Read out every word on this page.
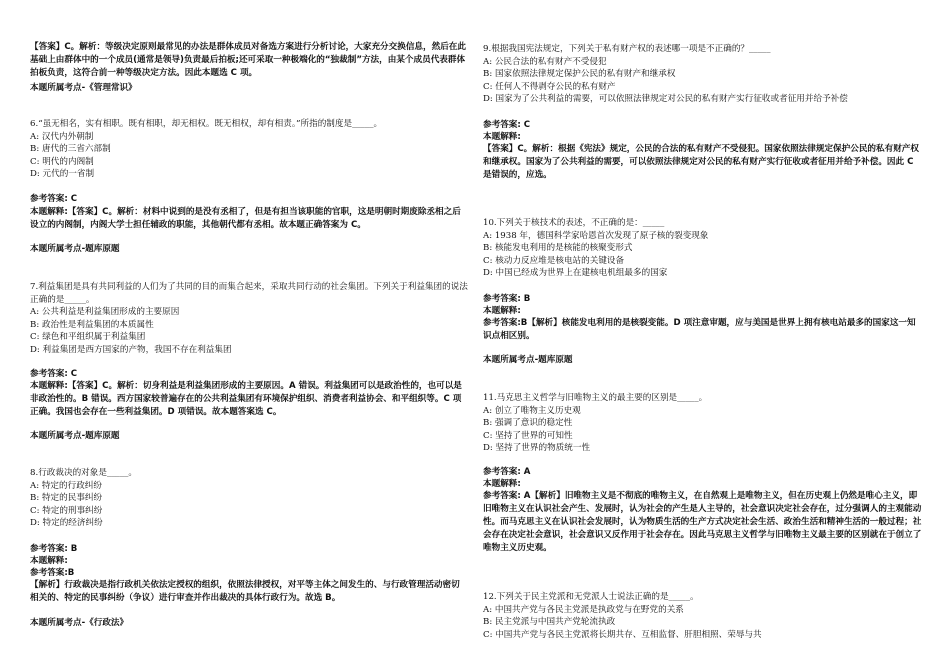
【答案】C。解析：等级决定原则最常见的办法是群体成员对备选方案进行分析讨论，大家充分交换信息，然后在此基础上由群体中的一个成员(通常是领导)负责最后拍板;还可采取一种极端化的“独裁制”方法，由某个成员代表群体拍板负责，这符合前一种等级决定方法。因此本题选 C 项。
本题所属考点-《管理常识》
6.“虽无相名，实有相职。既有相职，却无相权。既无相权，却有相责。”所指的制度是_____。
A: 汉代内外朝制
B: 唐代的三省六部制
C: 明代的内阁制
D: 元代的一省制
参考答案: C
本题解释:【答案】C。解析：材料中说到的是没有丞相了，但是有担当该职能的官职，这是明朝时期废除丞相之后设立的内阁制，内阁大学士担任辅政的职能，其他朝代都有丞相。故本题正确答案为 C。
本题所属考点-题库原题
7.利益集团是具有共同利益的人们为了共同的目的而集合起来，采取共同行动的社会集团。下列关于利益集团的说法正确的是_____。
A: 公共利益是利益集团形成的主要原因
B: 政治性是利益集团的本质属性
C: 绿色和平组织属于利益集团
D: 利益集团是西方国家的产物，我国不存在利益集团
参考答案: C
本题解释:【答案】C。解析：切身利益是利益集团形成的主要原因。A 错误。利益集团可以是政治性的，也可以是非政治性的。B 错误。西方国家较普遍存在的公共利益集团有环境保护组织、消费者利益协会、和平组织等。C 项正确。我国也会存在一些利益集团。D 项错误。故本题答案选 C。
本题所属考点-题库原题
8.行政裁决的对象是_____。
A: 特定的行政纠纷
B: 特定的民事纠纷
C: 特定的刑事纠纷
D: 特定的经济纠纷
参考答案: B
本题解释:
参考答案:B
【解析】行政裁决是指行政机关依法定授权的组织，依照法律授权，对平等主体之间发生的、与行政管理活动密切相关的、特定的民事纠纷（争议）进行审查并作出裁决的具体行政行为。故选 B。
本题所属考点-《行政法》
9.根据我国宪法规定，下列关于私有财产权的表述哪一项是不正确的？_____
A: 公民合法的私有财产不受侵犯
B: 国家依照法律规定保护公民的私有财产和继承权
C: 任何人不得剥夺公民的私有财产
D: 国家为了公共利益的需要，可以依照法律规定对公民的私有财产实行征收或者征用并给予补偿
参考答案: C
本题解释:
【答案】C。解析：根据《宪法》规定，公民的合法的私有财产不受侵犯。国家依照法律规定保护公民的私有财产权和继承权。国家为了公共利益的需要，可以依照法律规定对公民的私有财产实行征收或者征用并给予补偿。因此 C 是错误的，应选。
10.下列关于核技术的表述，不正确的是：_____
A: 1938 年，德国科学家哈恩首次发现了原子核的裂变现象
B: 核能发电利用的是核能的核聚变形式
C: 核动力反应堆是核电站的关键设备
D: 中国已经成为世界上在建核电机组最多的国家
参考答案: B
本题解释:
参考答案:B【解析】核能发电利用的是核裂变能。D 项注意审题，应与美国是世界上拥有核电站最多的国家这一知识点相区别。
本题所属考点-题库原题
11.马克思主义哲学与旧唯物主义的最主要的区别是_____。
A: 创立了唯物主义历史观
B: 强调了意识的稳定性
C: 坚持了世界的可知性
D: 坚持了世界的物质统一性
参考答案: A
本题解释:
参考答案: A【解析】旧唯物主义是不彻底的唯物主义，在自然观上是唯物主义，但在历史观上仍然是唯心主义，即旧唯物主义在认识社会产生、发展时，认为社会的产生是人主导的，社会意识决定社会存在，过分强调人的主观能动性。而马克思主义在认识社会发展时，认为物质生活的生产方式决定社会生活、政治生活和精神生活的一般过程；社会存在决定社会意识，社会意识又反作用于社会存在。因此马克思主义哲学与旧唯物主义最主要的区别就在于创立了唯物主义历史观。
12.下列关于民主党派和无党派人士说法正确的是_____。
A: 中国共产党与各民主党派是执政党与在野党的关系
B: 民主党派与中国共产党轮流执政
C: 中国共产党与各民主党派将长期共存、互相监督、肝胆相照、荣辱与共
